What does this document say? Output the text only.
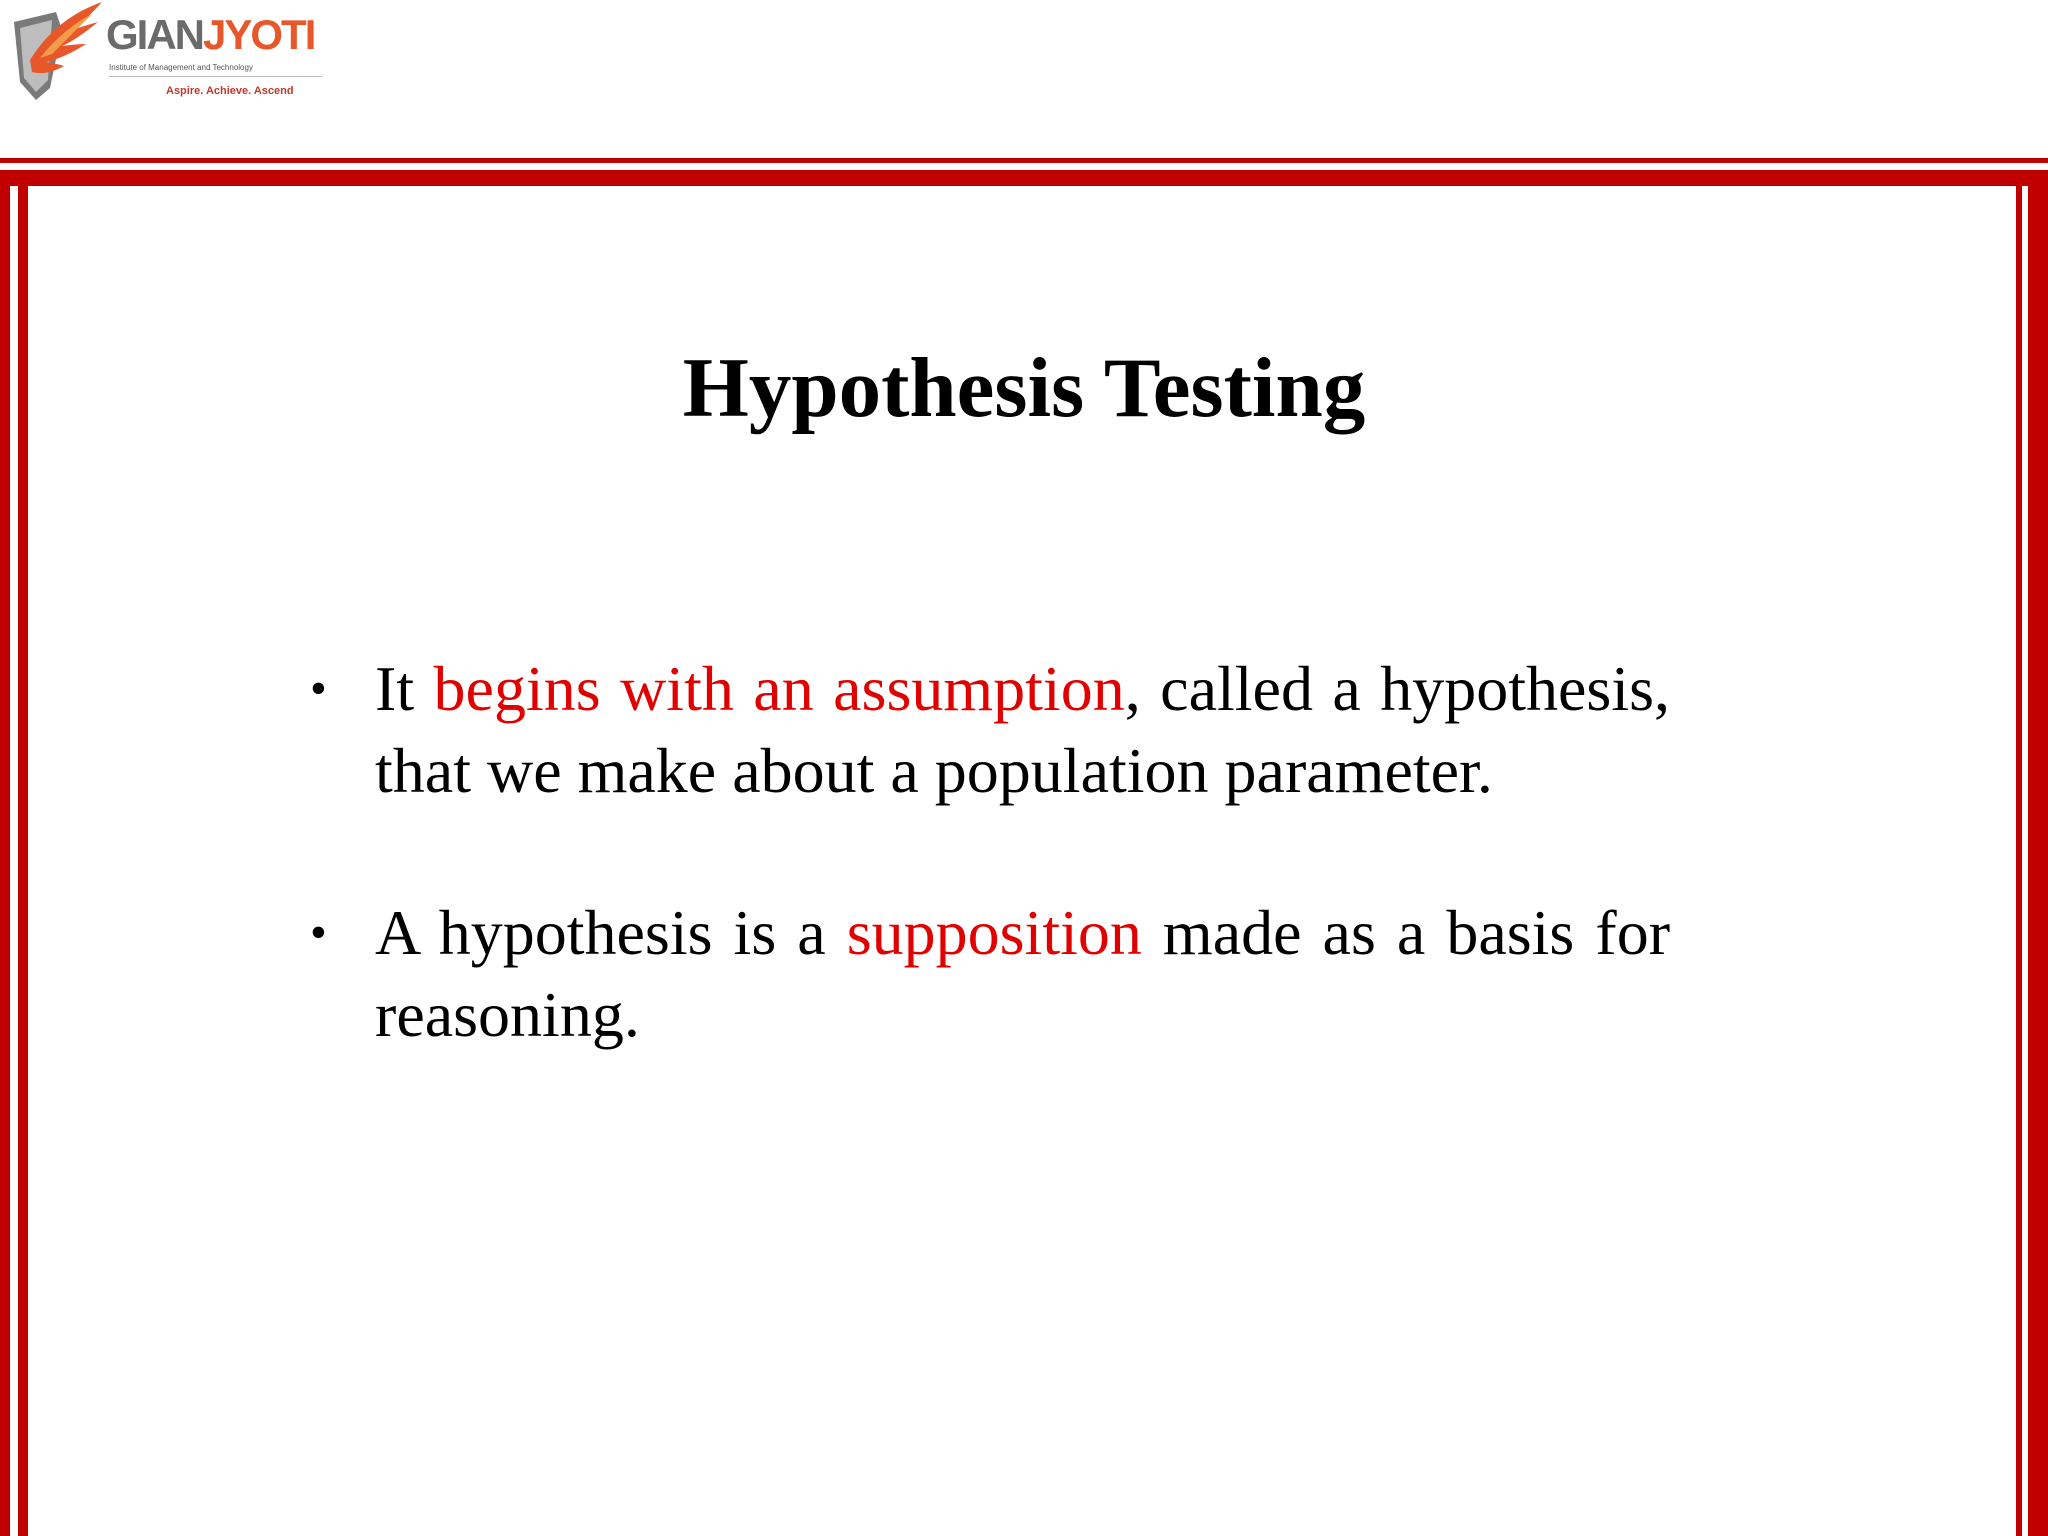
GIANJYOTI
Institute of Management and Technology
Aspire. Achieve. Ascend
Hypothesis Testing
• It begins with an assumption, called a hypothesis, that we make about a population parameter.
• A hypothesis is a supposition made as a basis for reasoning.
